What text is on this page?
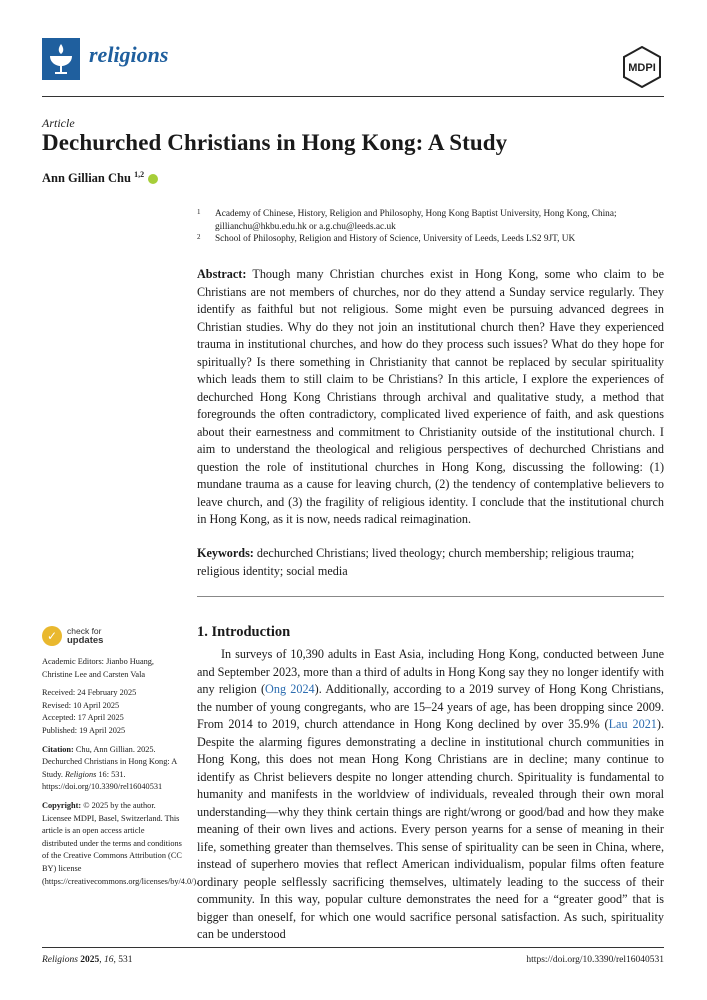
religions
MDPI
Article
Dechurched Christians in Hong Kong: A Study
Ann Gillian Chu $^{1,2}$
1 Academy of Chinese, History, Religion and Philosophy, Hong Kong Baptist University, Hong Kong, China; gillianchu@hkbu.edu.hk or a.g.chu@leeds.ac.uk
2 School of Philosophy, Religion and History of Science, University of Leeds, Leeds LS2 9JT, UK
Abstract: Though many Christian churches exist in Hong Kong, some who claim to be Christians are not members of churches, nor do they attend a Sunday service regularly. They identify as faithful but not religious. Some might even be pursuing advanced degrees in Christian studies. Why do they not join an institutional church then? Have they experienced trauma in institutional churches, and how do they process such issues? What do they hope for spiritually? Is there something in Christianity that cannot be replaced by secular spirituality which leads them to still claim to be Christians? In this article, I explore the experiences of dechurched Hong Kong Christians through archival and qualitative study, a method that foregrounds the often contradictory, complicated lived experience of faith, and ask questions about their earnestness and commitment to Christianity outside of the institutional church. I aim to understand the theological and religious perspectives of dechurched Christians and question the role of institutional churches in Hong Kong, discussing the following: (1) mundane trauma as a cause for leaving church, (2) the tendency of contemplative believers to leave church, and (3) the fragility of religious identity. I conclude that the institutional church in Hong Kong, as it is now, needs radical reimagination.
Keywords: dechurched Christians; lived theology; church membership; religious trauma; religious identity; social media
✓	check for
updates

Academic Editors: Jianbo Huang, Christine Lee and Carsten Vala

Received: 24 February 2025
Revised: 10 April 2025
Accepted: 17 April 2025
Published: 19 April 2025

Citation: Chu, Ann Gillian. 2025. Dechurched Christians in Hong Kong: A Study. Religions 16: 531. https://doi.org/10.3390/rel16040531

Copyright: © 2025 by the author. Licensee MDPI, Basel, Switzerland. This article is an open access article distributed under the terms and conditions of the Creative Commons Attribution (CC BY) license (https://creativecommons.org/licenses/by/4.0/).

1. Introduction
In surveys of 10,390 adults in East Asia, including Hong Kong, conducted between June and September 2023, more than a third of adults in Hong Kong say they no longer identify with any religion (Ong 2024). Additionally, according to a 2019 survey of Hong Kong Christians, the number of young congregants, who are 15–24 years of age, has been dropping since 2009. From 2014 to 2019, church attendance in Hong Kong declined by over 35.9% (Lau 2021). Despite the alarming figures demonstrating a decline in institutional church communities in Hong Kong, this does not mean Hong Kong Christians are in decline; many continue to identify as Christ believers despite no longer attending church. Spirituality is fundamental to humanity and manifests in the worldview of individuals, revealed through their own moral understanding—why they think certain things are right/wrong or good/bad and how they make meaning of their own lives and actions. Every person yearns for a sense of meaning in their life, something greater than themselves. This sense of spirituality can be seen in China, where, instead of superhero movies that reflect American individualism, popular films often feature ordinary people selflessly sacrificing themselves, ultimately leading to the success of their community. In this way, popular culture demonstrates the need for a “greater good” that is bigger than oneself, for which one would sacrifice personal satisfaction. As such, spirituality can be understood
Religions 2025, 16, 531	https://doi.org/10.3390/rel16040531
